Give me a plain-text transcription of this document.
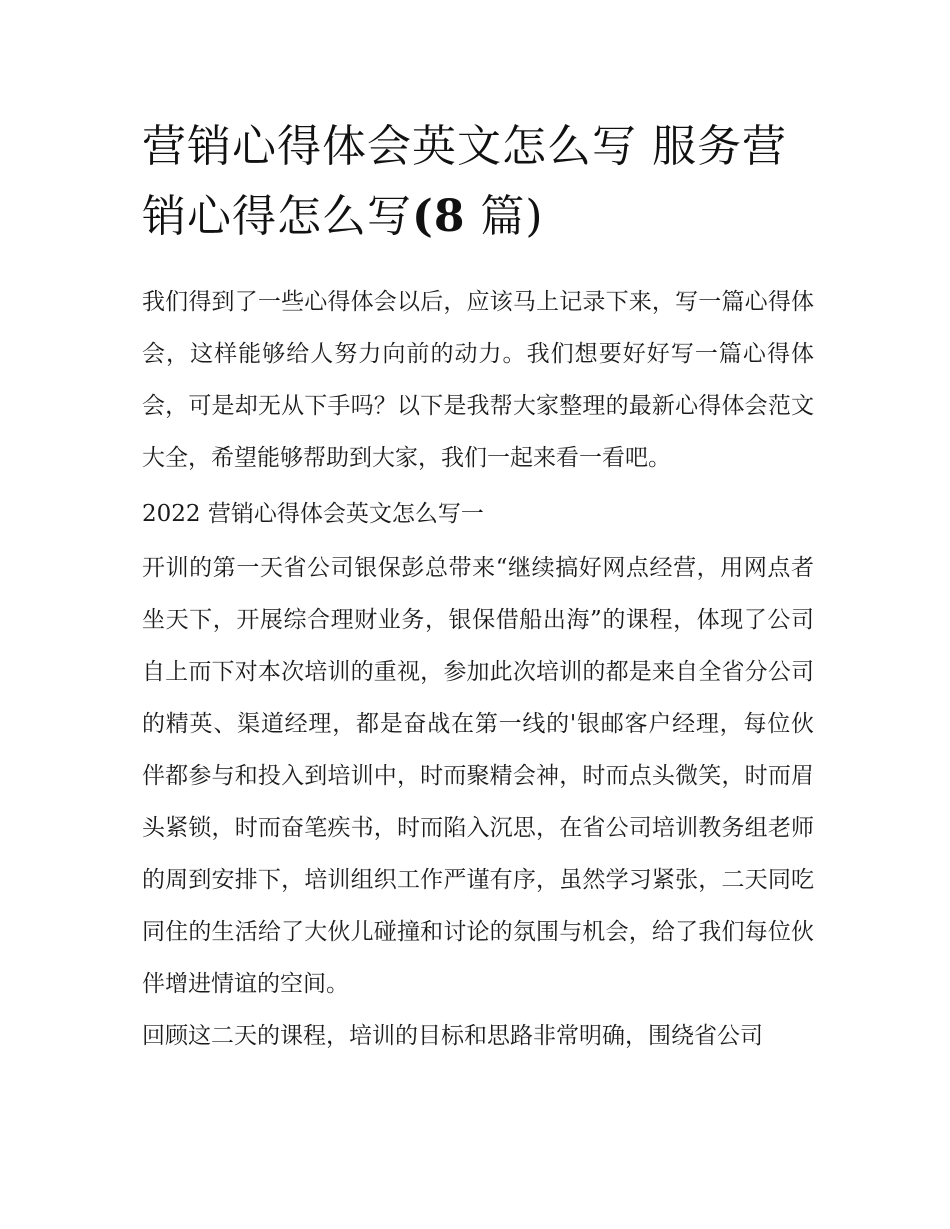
营销心得体会英文怎么写 服务营销心得怎么写(8 篇)

我们得到了一些心得体会以后，应该马上记录下来，写一篇心得体会，这样能够给人努力向前的动力。我们想要好好写一篇心得体会，可是却无从下手吗？以下是我帮大家整理的最新心得体会范文大全，希望能够帮助到大家，我们一起来看一看吧。

2022 营销心得体会英文怎么写一

开训的第一天省公司银保彭总带来“继续搞好网点经营，用网点者坐天下，开展综合理财业务，银保借船出海”的课程，体现了公司自上而下对本次培训的重视，参加此次培训的都是来自全省分公司的精英、渠道经理，都是奋战在第一线的'银邮客户经理，每位伙伴都参与和投入到培训中，时而聚精会神，时而点头微笑，时而眉头紧锁，时而奋笔疾书，时而陷入沉思，在省公司培训教务组老师的周到安排下，培训组织工作严谨有序，虽然学习紧张，二天同吃同住的生活给了大伙儿碰撞和讨论的氛围与机会，给了我们每位伙伴增进情谊的空间。

回顾这二天的课程，培训的目标和思路非常明确，围绕省公司
